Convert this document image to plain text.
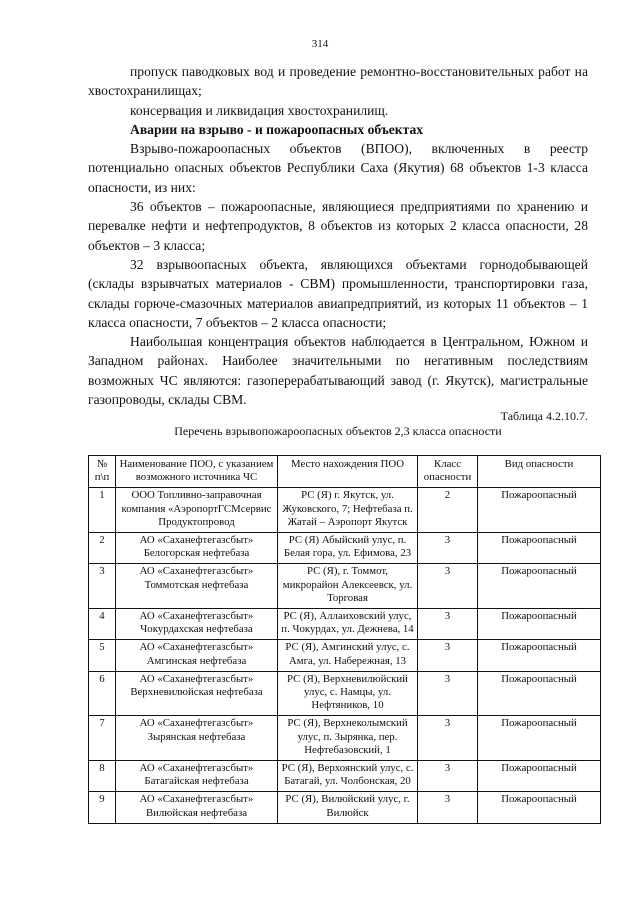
314

пропуск паводковых вод и проведение ремонтно-восстановительных работ на хвостохранилищах;

консервация и ликвидация хвостохранилищ.

Аварии на взрыво - и пожароопасных объектах

Взрыво-пожароопасных объектов (ВПОО), включенных в реестр потенциально опасных объектов Республики Саха (Якутия) 68 объектов 1-3 класса опасности, из них:

36 объектов – пожароопасные, являющиеся предприятиями по хранению и перевалке нефти и нефтепродуктов, 8 объектов из которых 2 класса опасности, 28 объектов – 3 класса;

32 взрывоопасных объекта, являющихся объектами горнодобывающей (склады взрывчатых материалов - СВМ) промышленности, транспортировки газа, склады горюче-смазочных материалов авиапредприятий, из которых 11 объектов – 1 класса опасности, 7 объектов – 2 класса опасности;

Наибольшая концентрация объектов наблюдается в Центральном, Южном и Западном районах. Наиболее значительными по негативным последствиям возможных ЧС являются: газоперерабатывающий завод (г. Якутск), магистральные газопроводы, склады СВМ.

Таблица 4.2.10.7.

Перечень взрывопожароопасных объектов 2,3 класса опасности

№ п\п	Наименование ПОО, с указанием возможного источника ЧС	Место нахождения ПОО	Класс опасности	Вид опасности
1	ООО Топливно-заправочная компания «АэропортГСМсервис Продуктопровод	РС (Я) г. Якутск, ул. Жуковского, 7; Нефтебаза п. Жатай – Аэропорт Якутск	2	Пожароопасный
2	АО «Саханефтегазсбыт» Белогорская нефтебаза	РС (Я) Абыйский улус, п. Белая гора, ул. Ефимова, 23	3	Пожароопасный
3	АО «Саханефтегазсбыт» Томмотская нефтебаза	РС (Я), г. Томмот, микрорайон Алексеевск, ул. Торговая	3	Пожароопасный
4	АО «Саханефтегазсбыт» Чокурдахская нефтебаза	РС (Я), Аллаиховский улус, п. Чокурдах, ул. Дежнева, 14	3	Пожароопасный
5	АО «Саханефтегазсбыт» Амгинская нефтебаза	РС (Я), Амгинский улус, с. Амга, ул. Набережная, 13	3	Пожароопасный
6	АО «Саханефтегазсбыт» Верхневилюйская нефтебаза	РС (Я), Верхневилюйский улус, с. Намцы, ул. Нефтяников, 10	3	Пожароопасный
7	АО «Саханефтегазсбыт» Зырянская нефтебаза	РС (Я), Верхнеколымский улус, п. Зырянка, пер. Нефтебазовский, 1	3	Пожароопасный
8	АО «Саханефтегазсбыт» Батагайская нефтебаза	РС (Я), Верхоянский улус, с. Батагай, ул. Чолбонская, 20	3	Пожароопасный
9	АО «Саханефтегазсбыт» Вилюйская нефтебаза	РС (Я), Вилюйский улус, г. Вилюйск	3	Пожароопасный
